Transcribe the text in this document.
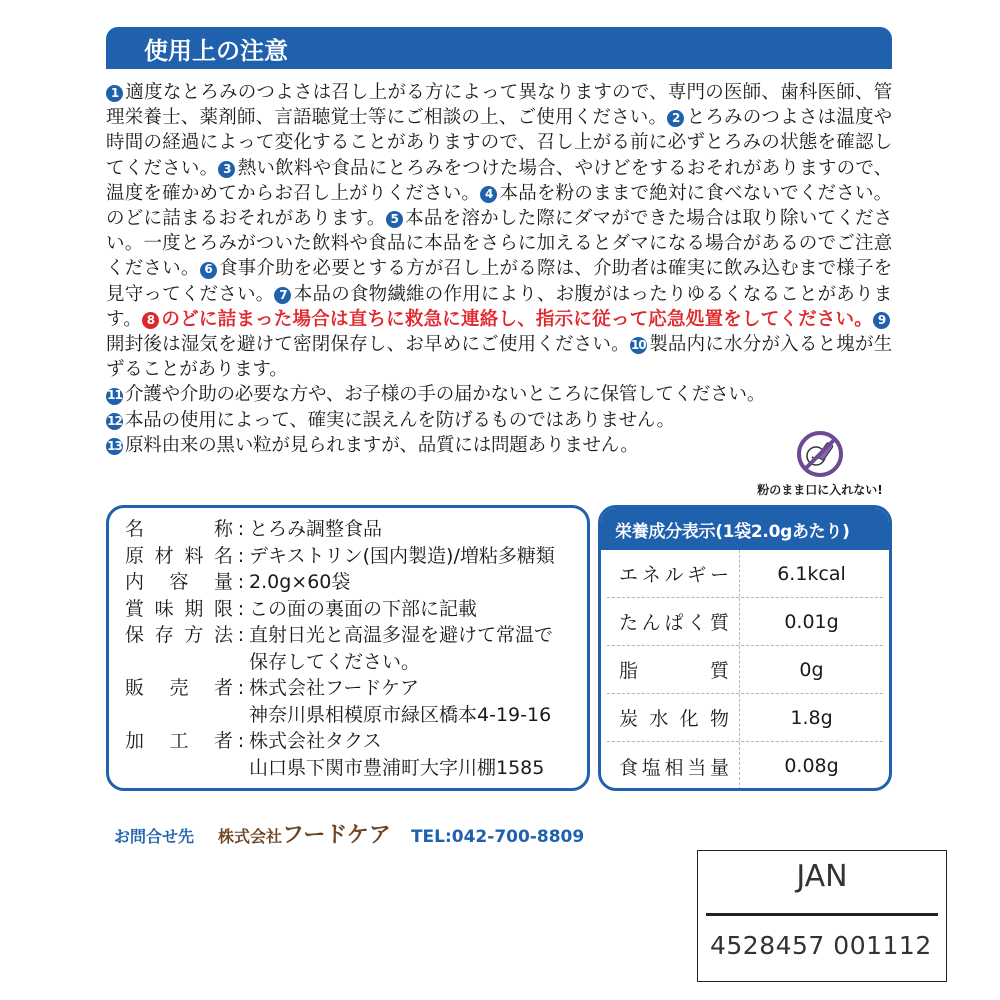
使用上の注意
1 適度なとろみのつよさは召し上がる方によって異なりますので、専門の医師、歯科医師、管理栄養士、薬剤師、言語聴覚士等にご相談の上、ご使用ください。 2 とろみのつよさは温度や時間の経過によって変化することがありますので、召し上がる前に必ずとろみの状態を確認してください。 3 熱い飲料や食品にとろみをつけた場合、やけどをするおそれがありますので、温度を確かめてからお召し上がりください。 4 本品を粉のままで絶対に食べないでください。のどに詰まるおそれがあります。 5 本品を溶かした際にダマができた場合は取り除いてください。一度とろみがついた飲料や食品に本品をさらに加えるとダマになる場合があるのでご注意ください。 6 食事介助を必要とする方が召し上がる際は、介助者は確実に飲み込むまで様子を見守ってください。 7 本品の食物繊維の作用により、お腹がはったりゆるくなることがあります。 8 のどに詰まった場合は直ちに救急に連絡し、指示に従って応急処置をしてください。 9開封後は湿気を避けて密閉保存し、お早めにご使用ください。10 製品内に水分が入ると塊が生ずることがあります。
11 介護や介助の必要な方や、お子様の手の届かないところに保管してください。
12 本品の使用によって、確実に誤えんを防げるものではありません。
13 原料由来の黒い粒が見られますが、品質には問題ありません。
粉のまま口に入れない!
名称 : とろみ調整食品
原材料名 : デキストリン(国内製造)/増粘多糖類
内容量 : 2.0g×60袋
賞味期限 : この面の裏面の下部に記載
保存方法 : 直射日光と高温多湿を避けて常温で
保存してください。
販売者 : 株式会社フードケア
神奈川県相模原市緑区橋本4-19-16
加工者 : 株式会社タクス
山口県下関市豊浦町大字川棚1585
栄養成分表示(1袋2.0gあたり)
エネルギー	6.1kcal
たんぱく質	0.01g
脂質	0g
炭水化物	1.8g
食塩相当量	0.08g
お問合せ先 株式会社 フードケア TEL:042-700-8809
JAN
4528457 001112
